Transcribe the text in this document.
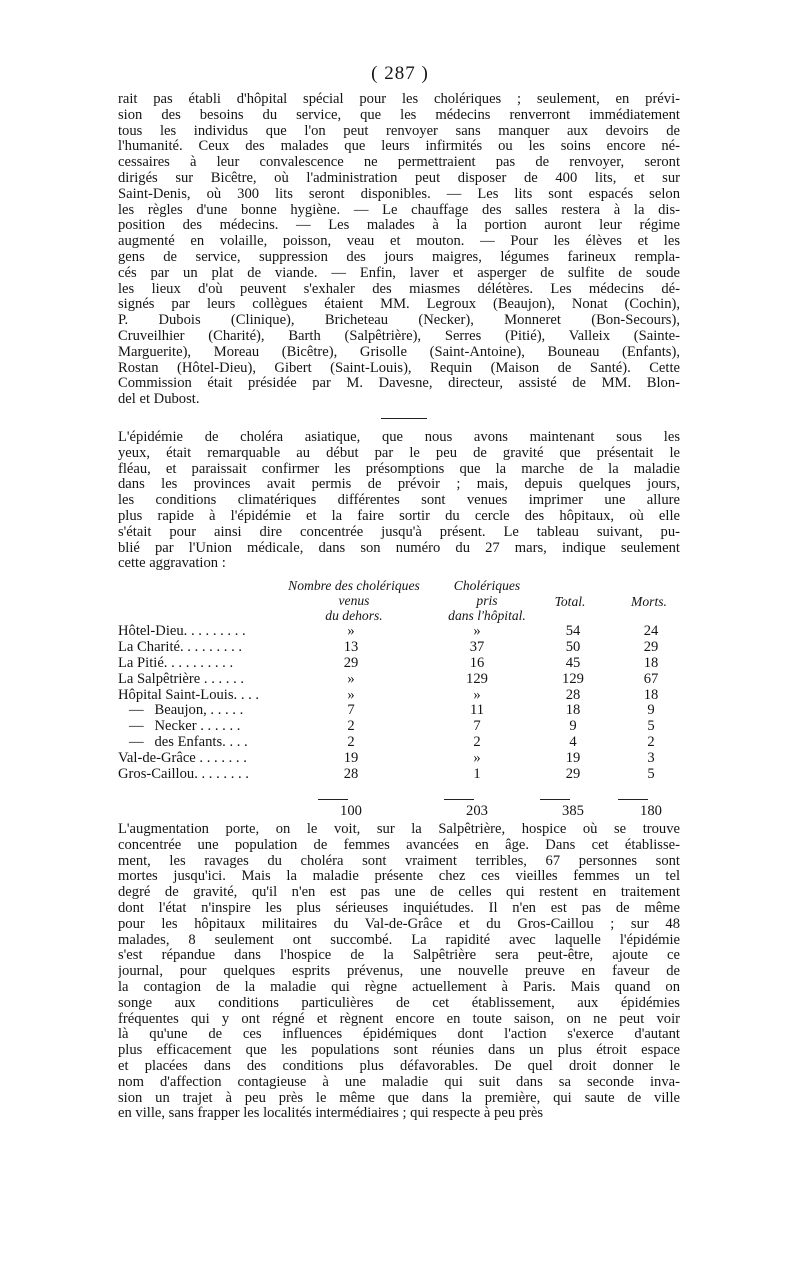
( 287 )
rait pas établi d'hôpital spécial pour les cholériques ; seulement, en prévi-
sion des besoins du service, que les médecins renverront immédiatement
tous les individus que l'on peut renvoyer sans manquer aux devoirs de
l'humanité. Ceux des malades que leurs infirmités ou les soins encore né-
cessaires à leur convalescence ne permettraient pas de renvoyer, seront
dirigés sur Bicêtre, où l'administration peut disposer de 400 lits, et sur
Saint-Denis, où 300 lits seront disponibles. — Les lits sont espacés selon
les règles d'une bonne hygiène. — Le chauffage des salles restera à la dis-
position des médecins. — Les malades à la portion auront leur régime
augmenté en volaille, poisson, veau et mouton. — Pour les élèves et les
gens de service, suppression des jours maigres, légumes farineux rempla-
cés par un plat de viande. — Enfin, laver et asperger de sulfite de soude
les lieux d'où peuvent s'exhaler des miasmes délétères. Les médecins dé-
signés par leurs collègues étaient MM. Legroux (Beaujon), Nonat (Cochin),
P. Dubois (Clinique), Bricheteau (Necker), Monneret (Bon-Secours),
Cruveilhier (Charité), Barth (Salpêtrière), Serres (Pitié), Valleix (Sainte-
Marguerite), Moreau (Bicêtre), Grisolle (Saint-Antoine), Bouneau (Enfants),
Rostan (Hôtel-Dieu), Gibert (Saint-Louis), Requin (Maison de Santé). Cette
Commission était présidée par M. Davesne, directeur, assisté de MM. Blon-
del et Dubost.
L'épidémie de choléra asiatique, que nous avons maintenant sous les
yeux, était remarquable au début par le peu de gravité que présentait le
fléau, et paraissait confirmer les présomptions que la marche de la maladie
dans les provinces avait permis de prévoir ; mais, depuis quelques jours,
les conditions climatériques différentes sont venues imprimer une allure
plus rapide à l'épidémie et la faire sortir du cercle des hôpitaux, où elle
s'était pour ainsi dire concentrée jusqu'à présent. Le tableau suivant, pu-
blié par l'Union médicale, dans son numéro du 27 mars, indique seulement
cette aggravation :
Nombre des cholériques
venus
du dehors.
Cholériques
pris
dans l'hôpital.
Total.	Morts.
Hôtel-Dieu. . . . . . . . .	»	»	54	24
La Charité. . . . . . . . .	13	37	50	29
La Pitié. . . . . . . . . .	29	16	45	18
La Salpêtrière . . . . . .	»	129	129	67
Hôpital Saint-Louis. . . .	»	»	28	18
—   Beaujon, . . . . .	7	11	18	9
—   Necker . . . . . .	2	7	9	5
—   des Enfants. . . .	2	2	4	2
Val-de-Grâce . . . . . . .	19	»	19	3
Gros-Caillou. . . . . . . .	28	1	29	5
100	203	385	180
L'augmentation porte, on le voit, sur la Salpêtrière, hospice où se trouve
concentrée une population de femmes avancées en âge. Dans cet établisse-
ment, les ravages du choléra sont vraiment terribles, 67 personnes sont
mortes jusqu'ici. Mais la maladie présente chez ces vieilles femmes un tel
degré de gravité, qu'il n'en est pas une de celles qui restent en traitement
dont l'état n'inspire les plus sérieuses inquiétudes. Il n'en est pas de même
pour les hôpitaux militaires du Val-de-Grâce et du Gros-Caillou ; sur 48
malades, 8 seulement ont succombé. La rapidité avec laquelle l'épidémie
s'est répandue dans l'hospice de la Salpêtrière sera peut-être, ajoute ce
journal, pour quelques esprits prévenus, une nouvelle preuve en faveur de
la contagion de la maladie qui règne actuellement à Paris. Mais quand on
songe aux conditions particulières de cet établissement, aux épidémies
fréquentes qui y ont régné et règnent encore en toute saison, on ne peut voir
là qu'une de ces influences épidémiques dont l'action s'exerce d'autant
plus efficacement que les populations sont réunies dans un plus étroit espace
et placées dans des conditions plus défavorables. De quel droit donner le
nom d'affection contagieuse à une maladie qui suit dans sa seconde inva-
sion un trajet à peu près le même que dans la première, qui saute de ville
en ville, sans frapper les localités intermédiaires ; qui respecte à peu près
